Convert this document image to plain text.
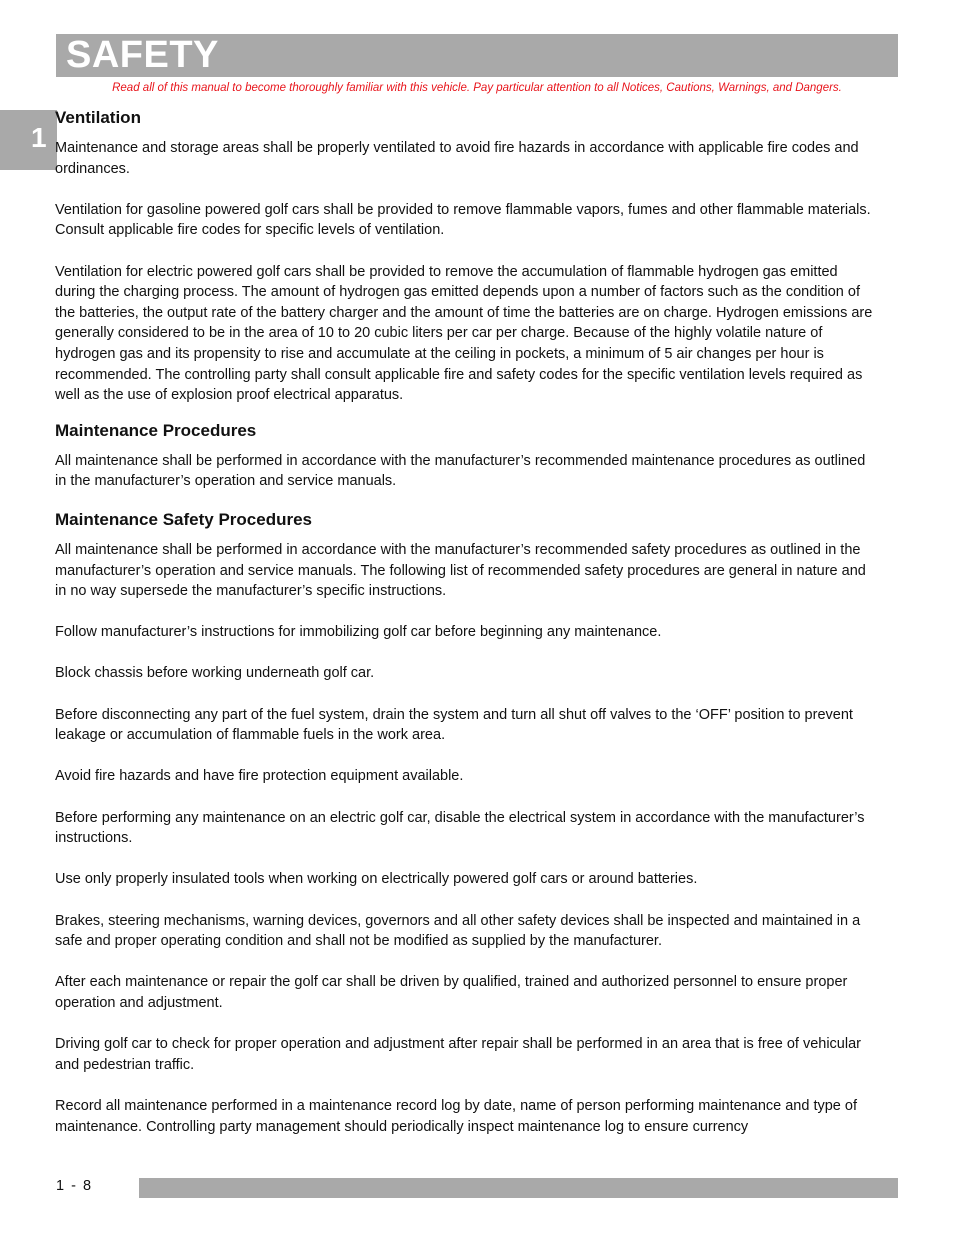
SAFETY

Read all of this manual to become thoroughly familiar with this vehicle. Pay particular attention to all Notices, Cautions, Warnings, and Dangers.

1
Ventilation

Maintenance and storage areas shall be properly ventilated to avoid fire hazards in accordance with applicable fire codes and ordinances.

Ventilation for gasoline powered golf cars shall be provided to remove flammable vapors, fumes and other flammable materials. Consult applicable fire codes for specific levels of ventilation.

Ventilation for electric powered golf cars shall be provided to remove the accumulation of flammable hydrogen gas emitted during the charging process. The amount of hydrogen gas emitted depends upon a number of factors such as the condition of the batteries, the output rate of the battery charger and the amount of time the batteries are on charge. Hydrogen emissions are generally considered to be in the area of 10 to 20 cubic liters per car per charge. Because of the highly volatile nature of hydrogen gas and its propensity to rise and accumulate at the ceiling in pockets, a minimum of 5 air changes per hour is recommended. The controlling party shall consult applicable fire and safety codes for the specific ventilation levels required as well as the use of explosion proof electrical apparatus.

Maintenance Procedures

All maintenance shall be performed in accordance with the manufacturer’s recommended maintenance procedures as outlined in the manufacturer’s operation and service manuals.

Maintenance Safety Procedures

All maintenance shall be performed in accordance with the manufacturer’s recommended safety procedures as outlined in the manufacturer’s operation and service manuals. The following list of recommended safety procedures are general in nature and in no way supersede the manufacturer’s specific instructions.

Follow manufacturer’s instructions for immobilizing golf car before beginning any maintenance.

Block chassis before working underneath golf car.

Before disconnecting any part of the fuel system, drain the system and turn all shut off valves to the ‘OFF’ position to prevent leakage or accumulation of flammable fuels in the work area.

Avoid fire hazards and have fire protection equipment available.

Before performing any maintenance on an electric golf car, disable the electrical system in accordance with the manufacturer’s instructions.

Use only properly insulated tools when working on electrically powered golf cars or around batteries.

Brakes, steering mechanisms, warning devices, governors and all other safety devices shall be inspected and maintained in a safe and proper operating condition and shall not be modified as supplied by the manufacturer.

After each maintenance or repair the golf car shall be driven by qualified, trained and authorized personnel to ensure proper operation and adjustment.

Driving golf car to check for proper operation and adjustment after repair shall be performed in an area that is free of vehicular and pedestrian traffic.

Record all maintenance performed in a maintenance record log by date, name of person performing maintenance and type of maintenance. Controlling party management should periodically inspect maintenance log to ensure currency

1 - 8
